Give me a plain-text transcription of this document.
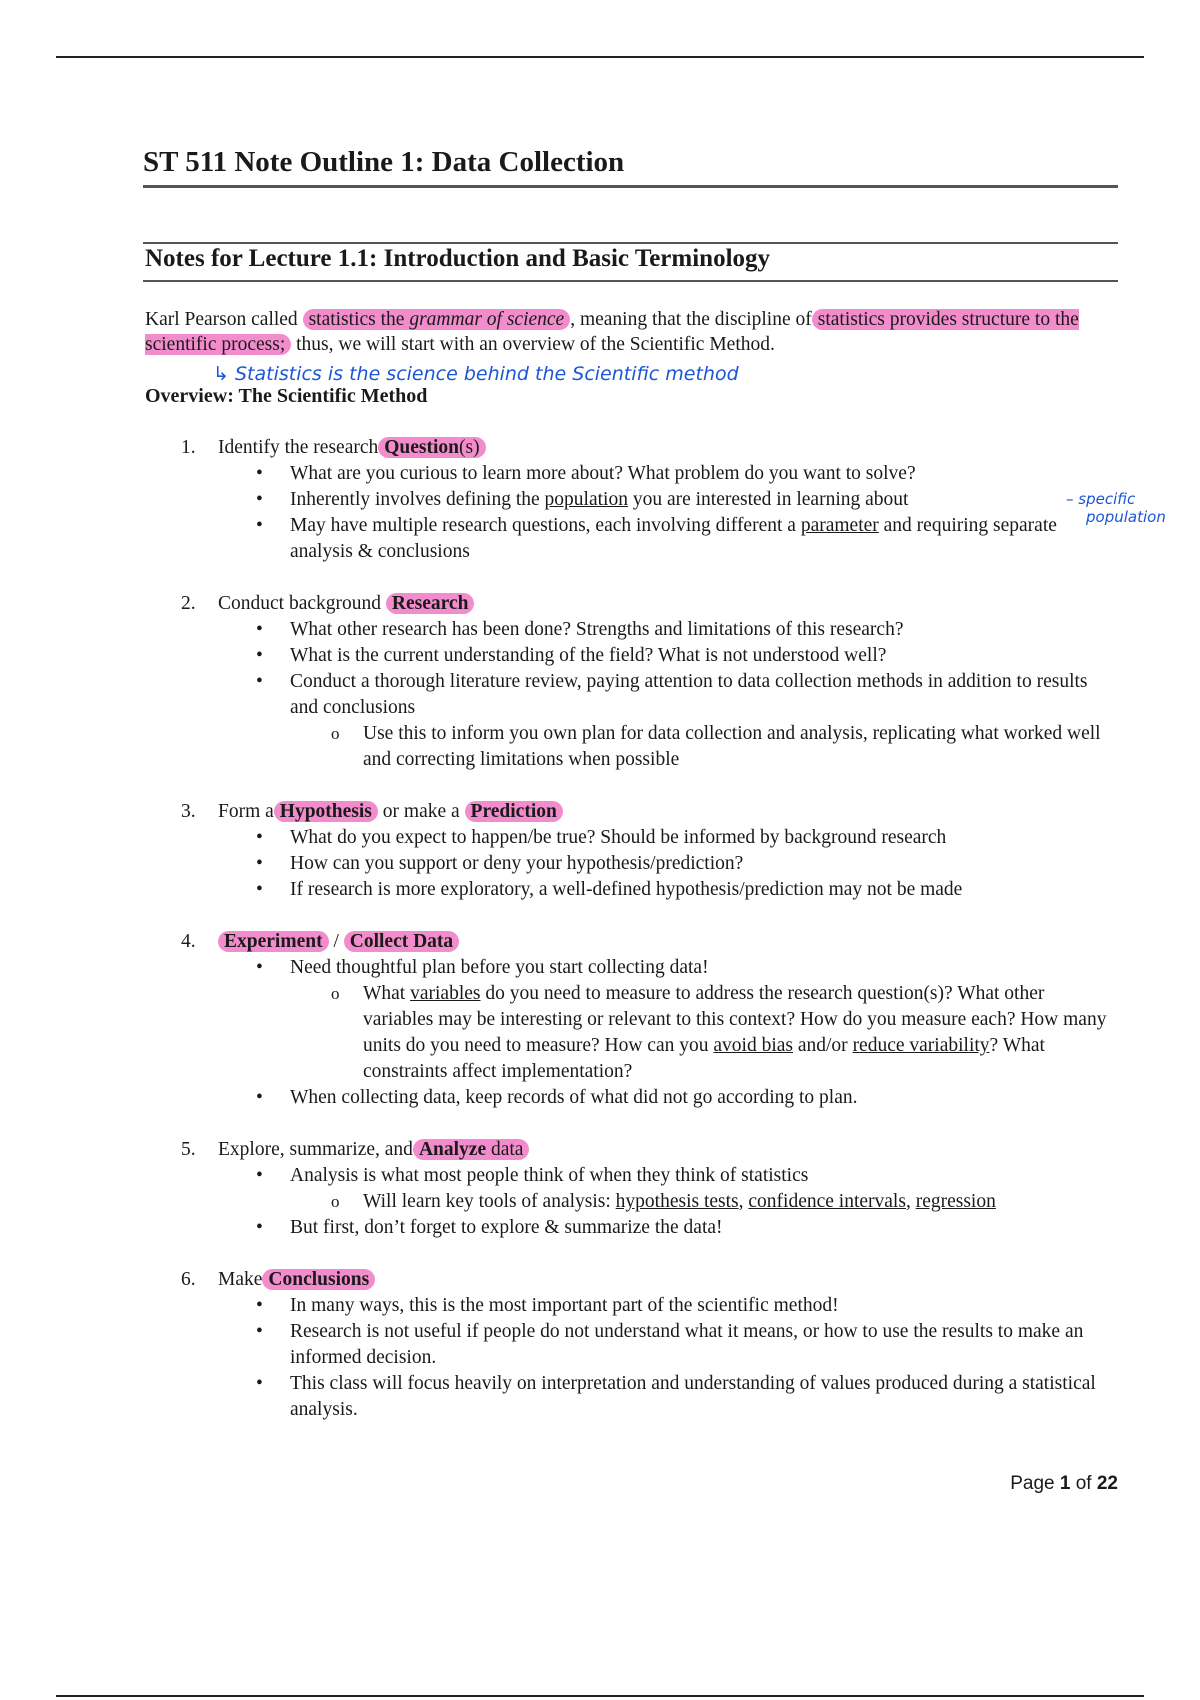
ST 511 Note Outline 1: Data Collection
Notes for Lecture 1.1: Introduction and Basic Terminology

Karl Pearson called statistics the grammar of science , meaning that the discipline of statistics provides structure to the scientific process; thus, we will start with an overview of the Scientific Method.

↳ Statistics is the science behind the Scientific method
Overview: The Scientific Method
– specific
population
1. Identify the research Question(s)
• What are you curious to learn more about? What problem do you want to solve?
• Inherently involves defining the population you are interested in learning about
• May have multiple research questions, each involving different a parameter and requiring separate analysis & conclusions
2. Conduct background Research
• What other research has been done? Strengths and limitations of this research?
• What is the current understanding of the field? What is not understood well?
• Conduct a thorough literature review, paying attention to data collection methods in addition to results and conclusions
o Use this to inform you own plan for data collection and analysis, replicating what worked well and correcting limitations when possible
3. Form a Hypothesis or make a Prediction
• What do you expect to happen/be true? Should be informed by background research
• How can you support or deny your hypothesis/prediction?
• If research is more exploratory, a well-defined hypothesis/prediction may not be made
4. Experiment / Collect Data
• Need thoughtful plan before you start collecting data!
o What variables do you need to measure to address the research question(s)? What other variables may be interesting or relevant to this context? How do you measure each? How many units do you need to measure? How can you avoid bias and/or reduce variability? What constraints affect implementation?
• When collecting data, keep records of what did not go according to plan.
5. Explore, summarize, and Analyze data
• Analysis is what most people think of when they think of statistics
o Will learn key tools of analysis: hypothesis tests, confidence intervals, regression
• But first, don’t forget to explore & summarize the data!
6. Make Conclusions
• In many ways, this is the most important part of the scientific method!
• Research is not useful if people do not understand what it means, or how to use the results to make an informed decision.
• This class will focus heavily on interpretation and understanding of values produced during a statistical analysis.
Page 1 of 22
